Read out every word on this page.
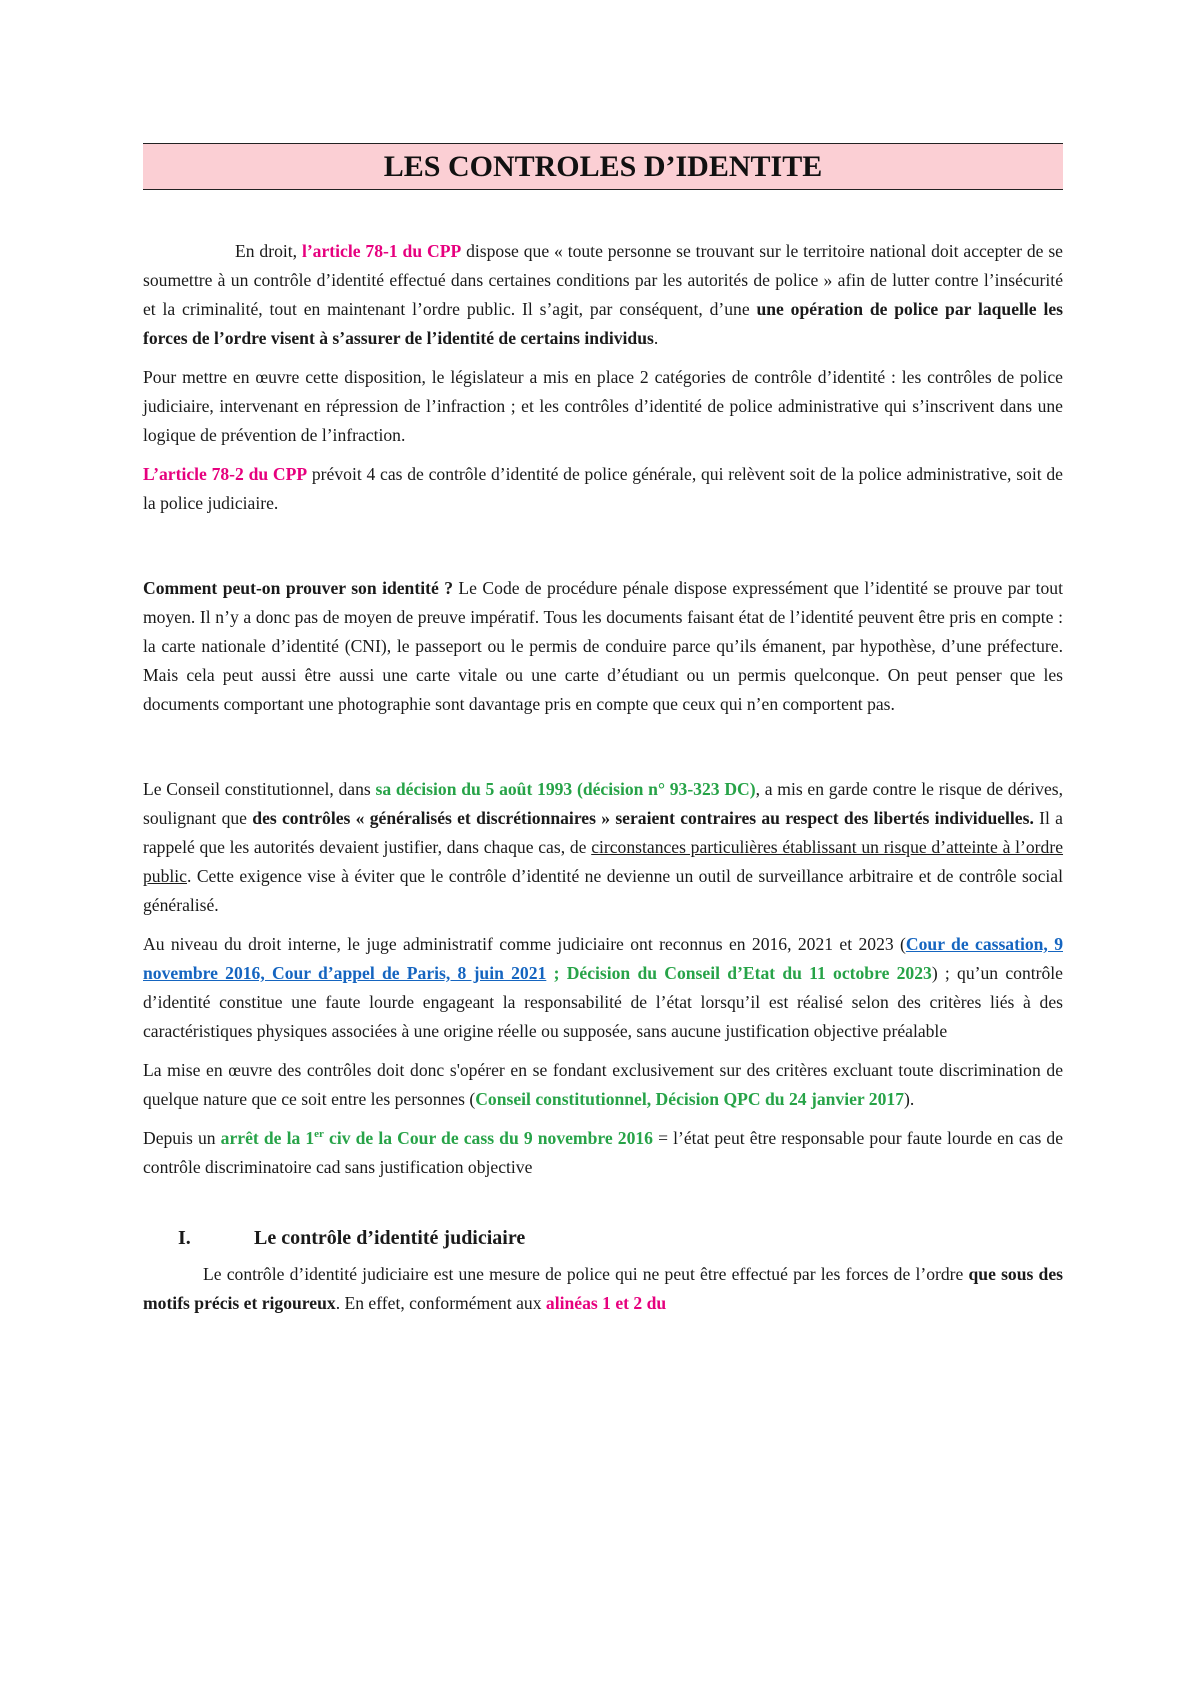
LES CONTROLES D’IDENTITE

En droit, l’article 78-1 du CPP dispose que « toute personne se trouvant sur le territoire national doit accepter de se soumettre à un contrôle d’identité effectué dans certaines conditions par les autorités de police » afin de lutter contre l’insécurité et la criminalité, tout en maintenant l’ordre public. Il s’agit, par conséquent, d’une une opération de police par laquelle les forces de l’ordre visent à s’assurer de l’identité de certains individus.

Pour mettre en œuvre cette disposition, le législateur a mis en place 2 catégories de contrôle d’identité : les contrôles de police judiciaire, intervenant en répression de l’infraction ; et les contrôles d’identité de police administrative qui s’inscrivent dans une logique de prévention de l’infraction.

L’article 78-2 du CPP prévoit 4 cas de contrôle d’identité de police générale, qui relèvent soit de la police administrative, soit de la police judiciaire.

Comment peut-on prouver son identité ? Le Code de procédure pénale dispose expressément que l’identité se prouve par tout moyen. Il n’y a donc pas de moyen de preuve impératif. Tous les documents faisant état de l’identité peuvent être pris en compte : la carte nationale d’identité (CNI), le passeport ou le permis de conduire parce qu’ils émanent, par hypothèse, d’une préfecture. Mais cela peut aussi être aussi une carte vitale ou une carte d’étudiant ou un permis quelconque. On peut penser que les documents comportant une photographie sont davantage pris en compte que ceux qui n’en comportent pas.

Le Conseil constitutionnel, dans sa décision du 5 août 1993 (décision n° 93-323 DC), a mis en garde contre le risque de dérives, soulignant que des contrôles « généralisés et discrétionnaires » seraient contraires au respect des libertés individuelles. Il a rappelé que les autorités devaient justifier, dans chaque cas, de circonstances particulières établissant un risque d’atteinte à l’ordre public. Cette exigence vise à éviter que le contrôle d’identité ne devienne un outil de surveillance arbitraire et de contrôle social généralisé.

Au niveau du droit interne, le juge administratif comme judiciaire ont reconnus en 2016, 2021 et 2023 (Cour de cassation, 9 novembre 2016, Cour d’appel de Paris, 8 juin 2021 ; Décision du Conseil d’Etat du 11 octobre 2023) ; qu’un contrôle d’identité constitue une faute lourde engageant la responsabilité de l’état lorsqu’il est réalisé selon des critères liés à des caractéristiques physiques associées à une origine réelle ou supposée, sans aucune justification objective préalable

La mise en œuvre des contrôles doit donc s'opérer en se fondant exclusivement sur des critères excluant toute discrimination de quelque nature que ce soit entre les personnes (Conseil constitutionnel, Décision QPC du 24 janvier 2017).

Depuis un arrêt de la 1er civ de la Cour de cass du 9 novembre 2016 = l’état peut être responsable pour faute lourde en cas de contrôle discriminatoire cad sans justification objective

I.	Le contrôle d’identité judiciaire

Le contrôle d’identité judiciaire est une mesure de police qui ne peut être effectué par les forces de l’ordre que sous des motifs précis et rigoureux. En effet, conformément aux alinéas 1 et 2 du
